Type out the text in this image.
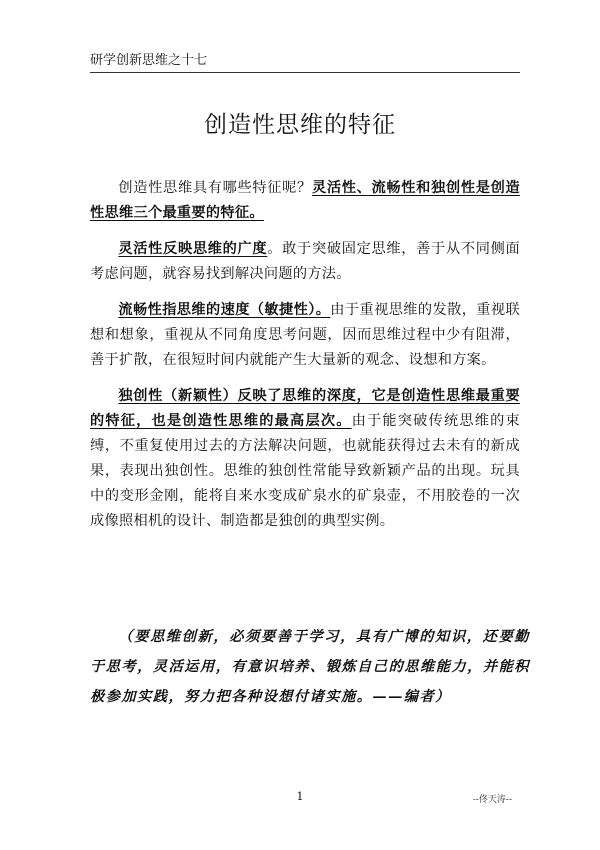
研学创新思维之十七
创造性思维的特征

创造性思维具有哪些特征呢？灵活性、流畅性和独创性是创造性思维三个最重要的特征。

灵活性反映思维的广度。敢于突破固定思维，善于从不同侧面考虑问题，就容易找到解决问题的方法。

流畅性指思维的速度（敏捷性）。由于重视思维的发散，重视联想和想象，重视从不同角度思考问题，因而思维过程中少有阻滞，善于扩散，在很短时间内就能产生大量新的观念、设想和方案。

独创性（新颖性）反映了思维的深度，它是创造性思维最重要的特征，也是创造性思维的最高层次。由于能突破传统思维的束缚，不重复使用过去的方法解决问题，也就能获得过去未有的新成果，表现出独创性。思维的独创性常能导致新颖产品的出现。玩具中的变形金刚，能将自来水变成矿泉水的矿泉壶，不用胶卷的一次成像照相机的设计、制造都是独创的典型实例。

（要思维创新，必须要善于学习，具有广博的知识，还要勤于思考，灵活运用，有意识培养、锻炼自己的思维能力，并能积极参加实践，努力把各种设想付诸实施。——编者）
1	--佟天涛--
